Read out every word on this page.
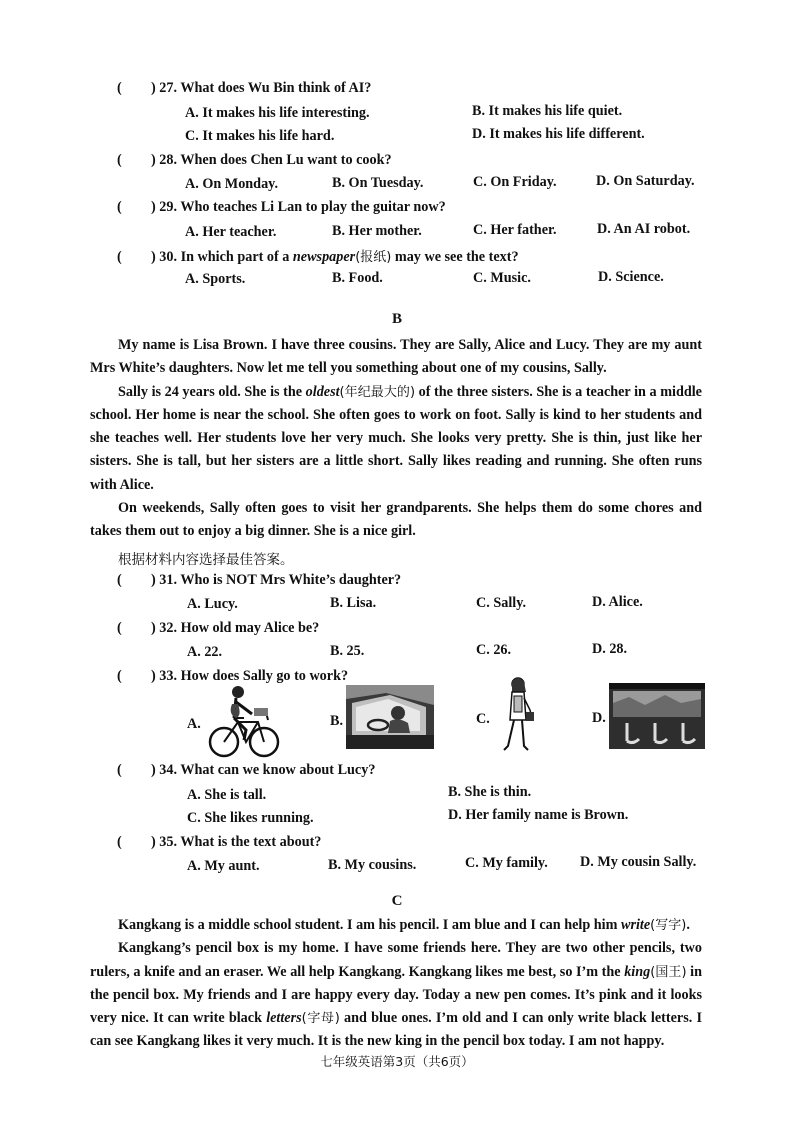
( ) 27. What does Wu Bin think of AI?
A. It makes his life interesting.	B. It makes his life quiet.
C. It makes his life hard.	D. It makes his life different.
( ) 28. When does Chen Lu want to cook?
A. On Monday.	B. On Tuesday.	C. On Friday.	D. On Saturday.
( ) 29. Who teaches Li Lan to play the guitar now?
A. Her teacher.	B. Her mother.	C. Her father.	D. An AI robot.
( ) 30. In which part of a newspaper(报纸) may we see the text?
A. Sports.	B. Food.	C. Music.	D. Science.
B

My name is Lisa Brown. I have three cousins. They are Sally, Alice and Lucy. They are my aunt Mrs White’s daughters. Now let me tell you something about one of my cousins, Sally.

Sally is 24 years old. She is the oldest(年纪最大的) of the three sisters. She is a teacher in a middle school. Her home is near the school. She often goes to work on foot. Sally is kind to her students and she teaches well. Her students love her very much. She looks very pretty. She is thin, just like her sisters. She is tall, but her sisters are a little short. Sally likes reading and running. She often runs with Alice.

On weekends, Sally often goes to visit her grandparents. She helps them do some chores and takes them out to enjoy a big dinner. She is a nice girl.

根据材料内容选择最佳答案。
( ) 31. Who is NOT Mrs White’s daughter?
A. Lucy.	B. Lisa.	C. Sally.	D. Alice.
( ) 32. How old may Alice be?
A. 22.	B. 25.	C. 26.	D. 28.
( ) 33. How does Sally go to work?
A.	B.	C.	D.
( ) 34. What can we know about Lucy?
A. She is tall.	B. She is thin.
C. She likes running.	D. Her family name is Brown.
( ) 35. What is the text about?
A. My aunt.	B. My cousins.	C. My family. D. My cousin Sally.
C

Kangkang is a middle school student. I am his pencil. I am blue and I can help him write(写字).

Kangkang’s pencil box is my home. I have some friends here. They are two other pencils, two rulers, a knife and an eraser. We all help Kangkang. Kangkang likes me best, so I’m the king(国王) in the pencil box. My friends and I are happy every day. Today a new pen comes. It’s pink and it looks very nice. It can write black letters(字母) and blue ones. I’m old and I can only write black letters. I can see Kangkang likes it very much. It is the new king in the pencil box today. I am not happy.

七年级英语第3页（共6页）
